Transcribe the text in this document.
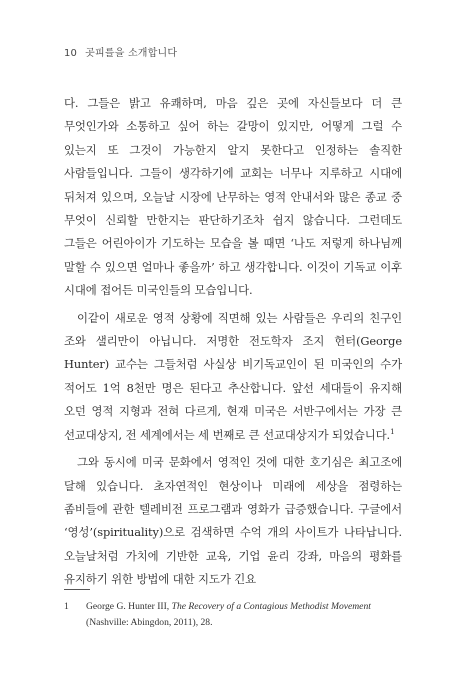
10 곳피를을 소개합니다

다. 그들은 밝고 유쾌하며, 마음 깊은 곳에 자신들보다 더 큰 무엇인가와 소통하고 싶어 하는 갈망이 있지만, 어떻게 그럴 수 있는지 또 그것이 가능한지 알지 못한다고 인정하는 솔직한 사람들입니다. 그들이 생각하기에 교회는 너무나 지루하고 시대에 뒤처져 있으며, 오늘날 시장에 난무하는 영적 안내서와 많은 종교 중 무엇이 신뢰할 만한지는 판단하기조차 쉽지 않습니다. 그런데도 그들은 어린아이가 기도하는 모습을 볼 때면 ‘나도 저렇게 하나님께 말할 수 있으면 얼마나 좋을까’ 하고 생각합니다. 이것이 기독교 이후 시대에 접어든 미국인들의 모습입니다.

이같이 새로운 영적 상황에 직면해 있는 사람들은 우리의 친구인 조와 샐리만이 아닙니다. 저명한 전도학자 조지 헌터(George Hunter) 교수는 그들처럼 사실상 비기독교인이 된 미국인의 수가 적어도 1억 8천만 명은 된다고 추산합니다. 앞선 세대들이 유지해 오던 영적 지형과 전혀 다르게, 현재 미국은 서반구에서는 가장 큰 선교대상지, 전 세계에서는 세 번째로 큰 선교대상지가 되었습니다.$^1$

그와 동시에 미국 문화에서 영적인 것에 대한 호기심은 최고조에 달해 있습니다. 초자연적인 현상이나 미래에 세상을 점령하는 좀비들에 관한 텔레비전 프로그램과 영화가 급증했습니다. 구글에서 ‘영성’(spirituality)으로 검색하면 수억 개의 사이트가 나타납니다. 오늘날처럼 가치에 기반한 교육, 기업 윤리 강좌, 마음의 평화를 유지하기 위한 방법에 대한 지도가 긴요

1 George G. Hunter III, The Recovery of a Contagious Methodist Movement (Nashville: Abingdon, 2011), 28.
